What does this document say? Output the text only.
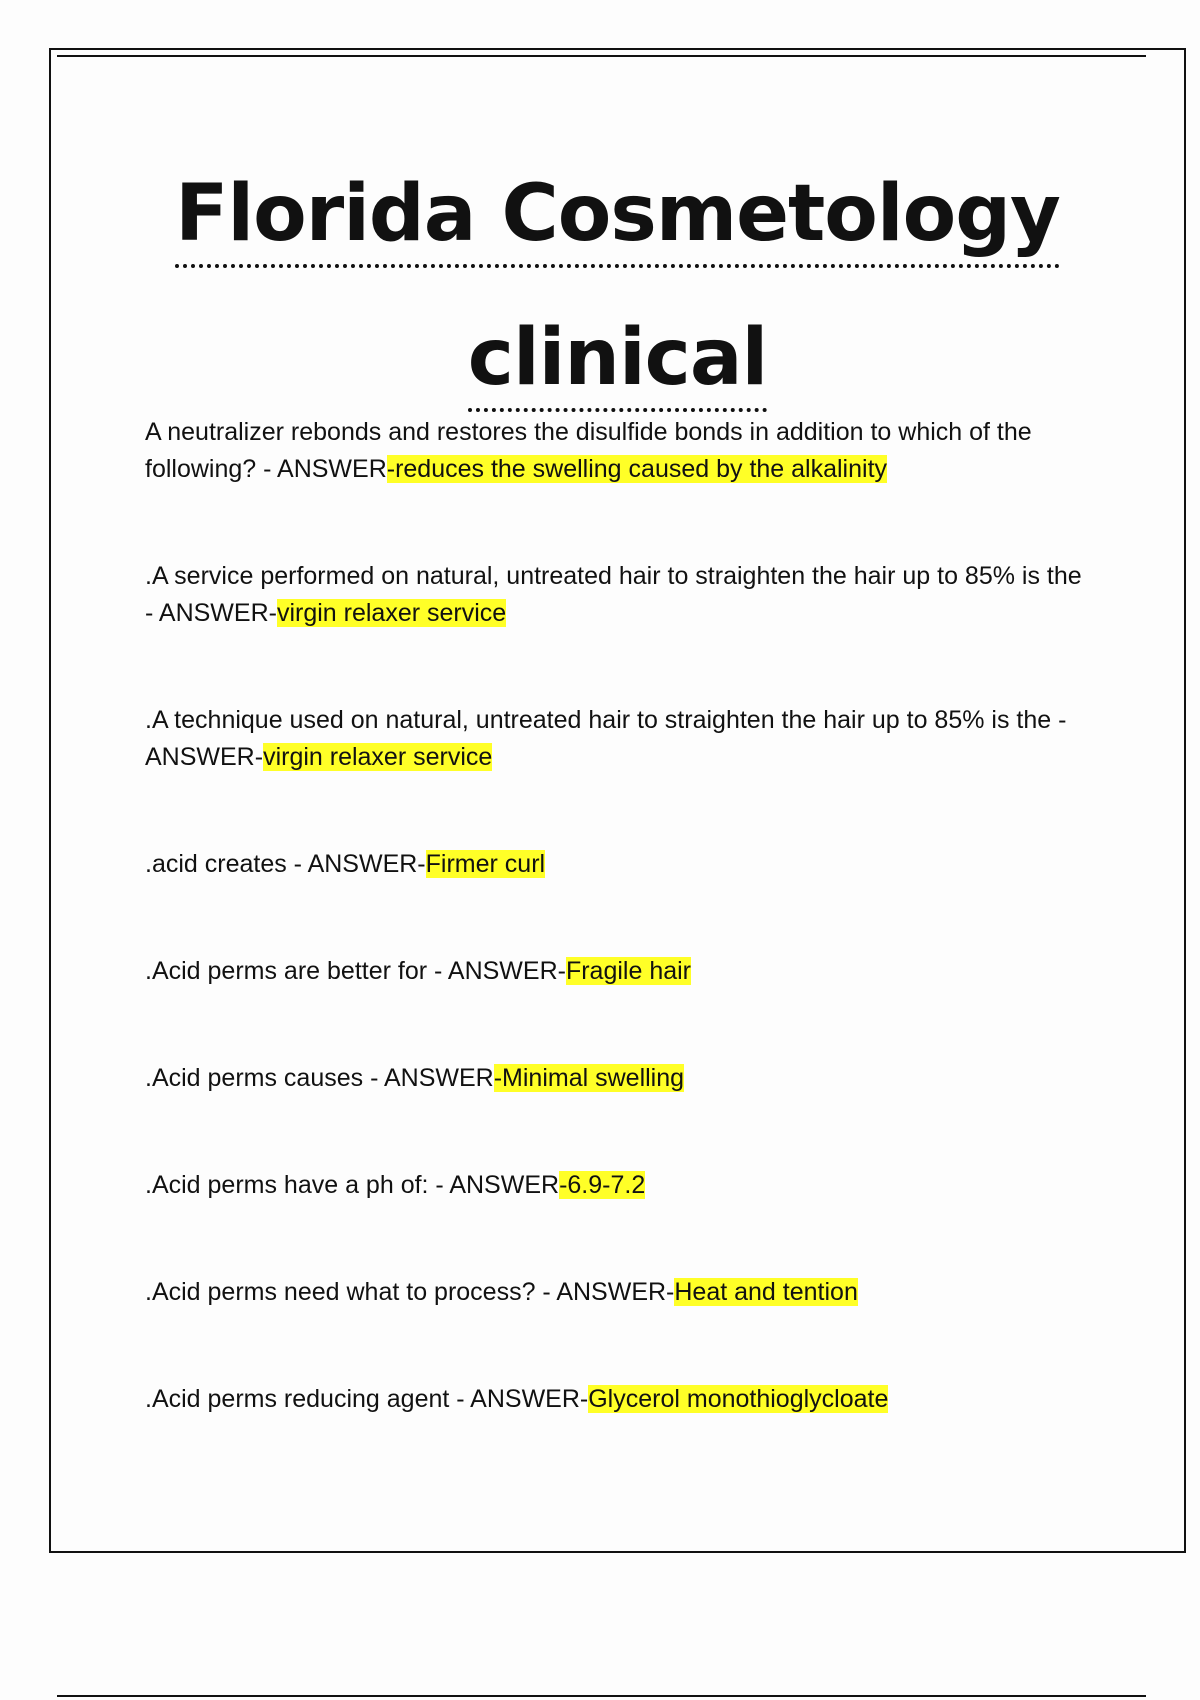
Florida Cosmetology
clinical

A neutralizer rebonds and restores the disulfide bonds in addition to which of the following? - ANSWER-reduces the swelling caused by the alkalinity

.A service performed on natural, untreated hair to straighten the hair up to 85% is the - ANSWER-virgin relaxer service

.A technique used on natural, untreated hair to straighten the hair up to 85% is the - ANSWER-virgin relaxer service

.acid creates - ANSWER-Firmer curl

.Acid perms are better for - ANSWER-Fragile hair

.Acid perms causes - ANSWER-Minimal swelling

.Acid perms have a ph of: - ANSWER-6.9-7.2

.Acid perms need what to process? - ANSWER-Heat and tention

.Acid perms reducing agent - ANSWER-Glycerol monothioglycloate
